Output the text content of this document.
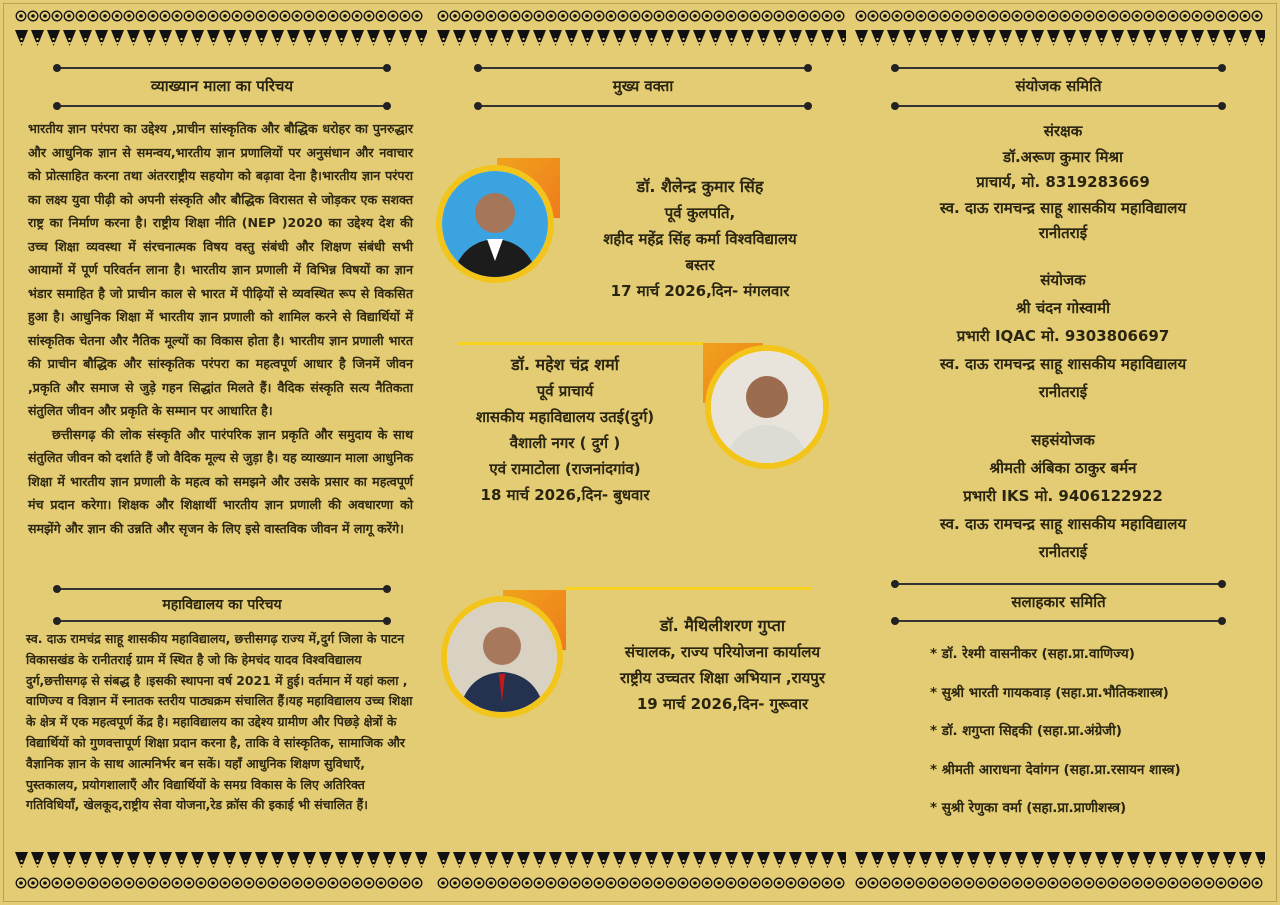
व्याख्यान माला का परिचय

भारतीय ज्ञान परंपरा का उद्देश्य ,प्राचीन सांस्कृतिक और बौद्धिक धरोहर का पुनरुद्धार और आधुनिक ज्ञान से समन्वय,भारतीय ज्ञान प्रणालियों पर अनुसंधान और नवाचार को प्रोत्साहित करना तथा अंतरराष्ट्रीय सहयोग को बढ़ावा देना है।भारतीय ज्ञान परंपरा का लक्ष्य युवा पीढ़ी को अपनी संस्कृति और बौद्धिक विरासत से जोड़कर एक सशक्त राष्ट्र का निर्माण करना है। राष्ट्रीय शिक्षा नीति (NEP )2020 का उद्देश्य देश की उच्च शिक्षा व्यवस्था में संरचनात्मक विषय वस्तु संबंधी और शिक्षण संबंधी सभी आयामों में पूर्ण परिवर्तन लाना है। भारतीय ज्ञान प्रणाली में विभिन्न विषयों का ज्ञान भंडार समाहित है जो प्राचीन काल से भारत में पीढ़ियों से व्यवस्थित रूप से विकसित हुआ है। आधुनिक शिक्षा में भारतीय ज्ञान प्रणाली को शामिल करने से विद्यार्थियों में सांस्कृतिक चेतना और नैतिक मूल्यों का विकास होता है। भारतीय ज्ञान प्रणाली भारत की प्राचीन बौद्धिक और सांस्कृतिक परंपरा का महत्वपूर्ण आधार है जिनमें जीवन ,प्रकृति और समाज से जुड़े गहन सिद्धांत मिलते हैं। वैदिक संस्कृति सत्य नैतिकता संतुलित जीवन और प्रकृति के सम्मान पर आधारित है।

छत्तीसगढ़ की लोक संस्कृति और पारंपरिक ज्ञान प्रकृति और समुदाय के साथ संतुलित जीवन को दर्शाते हैं जो वैदिक मूल्य से जुड़ा है। यह व्याख्यान माला आधुनिक शिक्षा में भारतीय ज्ञान प्रणाली के महत्व को समझने और उसके प्रसार का महत्वपूर्ण मंच प्रदान करेगा। शिक्षक और शिक्षार्थी भारतीय ज्ञान प्रणाली की अवधारणा को समझेंगे और ज्ञान की उन्नति और सृजन के लिए इसे वास्तविक जीवन में लागू करेंगे।

महाविद्यालय का परिचय
स्व. दाऊ रामचंद्र साहू शासकीय महाविद्यालय, छत्तीसगढ़ राज्य में,दुर्ग जिला के पाटन विकासखंड के रानीतराई ग्राम में स्थित है जो कि हेमचंद यादव विश्वविद्यालय दुर्ग,छत्तीसगढ़ से संबद्ध है ।इसकी स्थापना वर्ष 2021 में हुई। वर्तमान में यहां कला , वाणिज्य व विज्ञान में स्नातक स्तरीय पाठ्यक्रम संचालित हैं।यह महाविद्यालय उच्च शिक्षा के क्षेत्र में एक महत्वपूर्ण केंद्र है। महाविद्यालय का उद्देश्य ग्रामीण और पिछड़े क्षेत्रों के विद्यार्थियों को गुणवत्तापूर्ण शिक्षा प्रदान करना है, ताकि वे सांस्कृतिक, सामाजिक और वैज्ञानिक ज्ञान के साथ आत्मनिर्भर बन सकें। यहाँ आधुनिक शिक्षण सुविधाएँ, पुस्तकालय, प्रयोगशालाएँ और विद्यार्थियों के समग्र विकास के लिए अतिरिक्त गतिविधियाँ, खेलकूद,राष्ट्रीय सेवा योजना,रेड क्रॉस की इकाई भी संचालित हैं।
मुख्य वक्ता
डॉ. शैलेन्द्र कुमार सिंह
पूर्व कुलपति,
शहीद महेंद्र सिंह कर्मा विश्वविद्यालय
बस्तर
17 मार्च 2026,दिन- मंगलवार
डॉ. महेश चंद्र शर्मा
पूर्व प्राचार्य
शासकीय महाविद्यालय उतई(दुर्ग)
वैशाली नगर ( दुर्ग )
एवं रामाटोला (राजनांदगांव)
18 मार्च 2026,दिन- बुधवार
डॉ. मैथिलीशरण गुप्ता
संचालक, राज्य परियोजना कार्यालय
राष्ट्रीय उच्चतर शिक्षा अभियान ,रायपुर
19 मार्च 2026,दिन- गुरूवार
संयोजक समिति
संरक्षक
डॉ.अरूण कुमार मिश्रा
प्राचार्य, मो. 8319283669
स्व. दाऊ रामचन्द्र साहू शासकीय महाविद्यालय
रानीतराई
संयोजक
श्री चंदन गोस्वामी
प्रभारी IQAC मो. 9303806697
स्व. दाऊ रामचन्द्र साहू शासकीय महाविद्यालय
रानीतराई
सहसंयोजक
श्रीमती अंबिका ठाकुर बर्मन
प्रभारी IKS मो. 9406122922
स्व. दाऊ रामचन्द्र साहू शासकीय महाविद्यालय
रानीतराई
सलाहकार समिति
* डॉ. रेश्मी वासनीकर (सहा.प्रा.वाणिज्य)
* सुश्री भारती गायकवाड़ (सहा.प्रा.भौतिकशास्त्र)
* डॉ. शगुप्ता सिद्दकी (सहा.प्रा.अंग्रेजी)
* श्रीमती आराधना देवांगन (सहा.प्रा.रसायन शास्त्र)
* सुश्री रेणुका वर्मा (सहा.प्रा.प्राणीशस्त्र)
